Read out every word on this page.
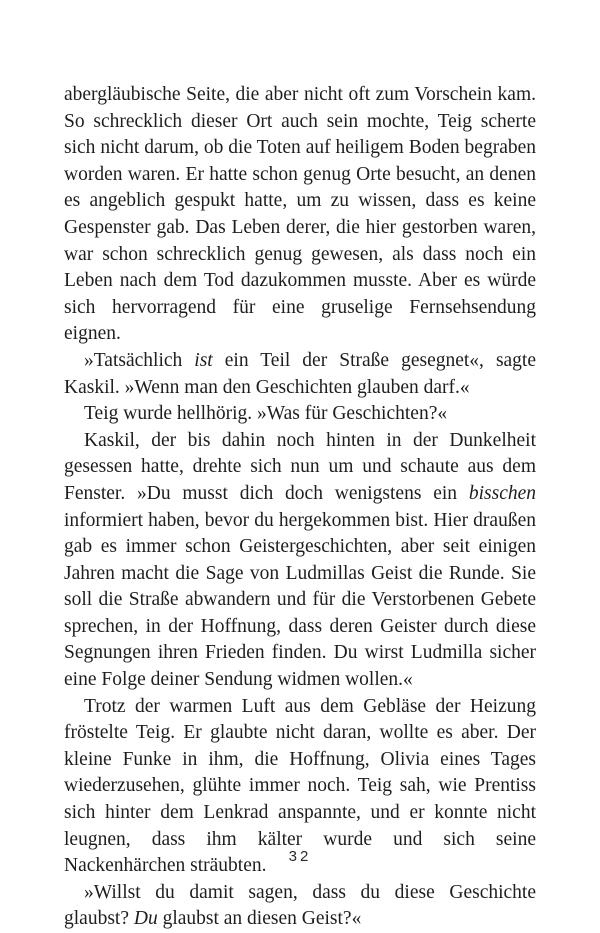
abergläubische Seite, die aber nicht oft zum Vorschein kam. So schrecklich dieser Ort auch sein mochte, Teig scherte sich nicht darum, ob die Toten auf heiligem Boden begraben worden waren. Er hatte schon genug Orte besucht, an denen es angeblich gespukt hatte, um zu wissen, dass es keine Gespenster gab. Das Leben derer, die hier gestorben waren, war schon schrecklich genug gewesen, als dass noch ein Leben nach dem Tod dazukommen musste. Aber es würde sich hervorragend für eine gruselige Fernsehsendung eignen.

»Tatsächlich ist ein Teil der Straße gesegnet«, sagte Kaskil. »Wenn man den Geschichten glauben darf.«

Teig wurde hellhörig. »Was für Geschichten?«

Kaskil, der bis dahin noch hinten in der Dunkelheit gesessen hatte, drehte sich nun um und schaute aus dem Fenster. »Du musst dich doch wenigstens ein bisschen informiert haben, bevor du hergekommen bist. Hier draußen gab es immer schon Geistergeschichten, aber seit einigen Jahren macht die Sage von Ludmillas Geist die Runde. Sie soll die Straße abwandern und für die Verstorbenen Gebete sprechen, in der Hoffnung, dass deren Geister durch diese Segnungen ihren Frieden finden. Du wirst Ludmilla sicher eine Folge deiner Sendung widmen wollen.«

Trotz der warmen Luft aus dem Gebläse der Heizung fröstelte Teig. Er glaubte nicht daran, wollte es aber. Der kleine Funke in ihm, die Hoffnung, Olivia eines Tages wiederzusehen, glühte immer noch. Teig sah, wie Prentiss sich hinter dem Lenkrad anspannte, und er konnte nicht leugnen, dass ihm kälter wurde und sich seine Nackenhärchen sträubten.

»Willst du damit sagen, dass du diese Geschichte glaubst? Du glaubst an diesen Geist?«

32
